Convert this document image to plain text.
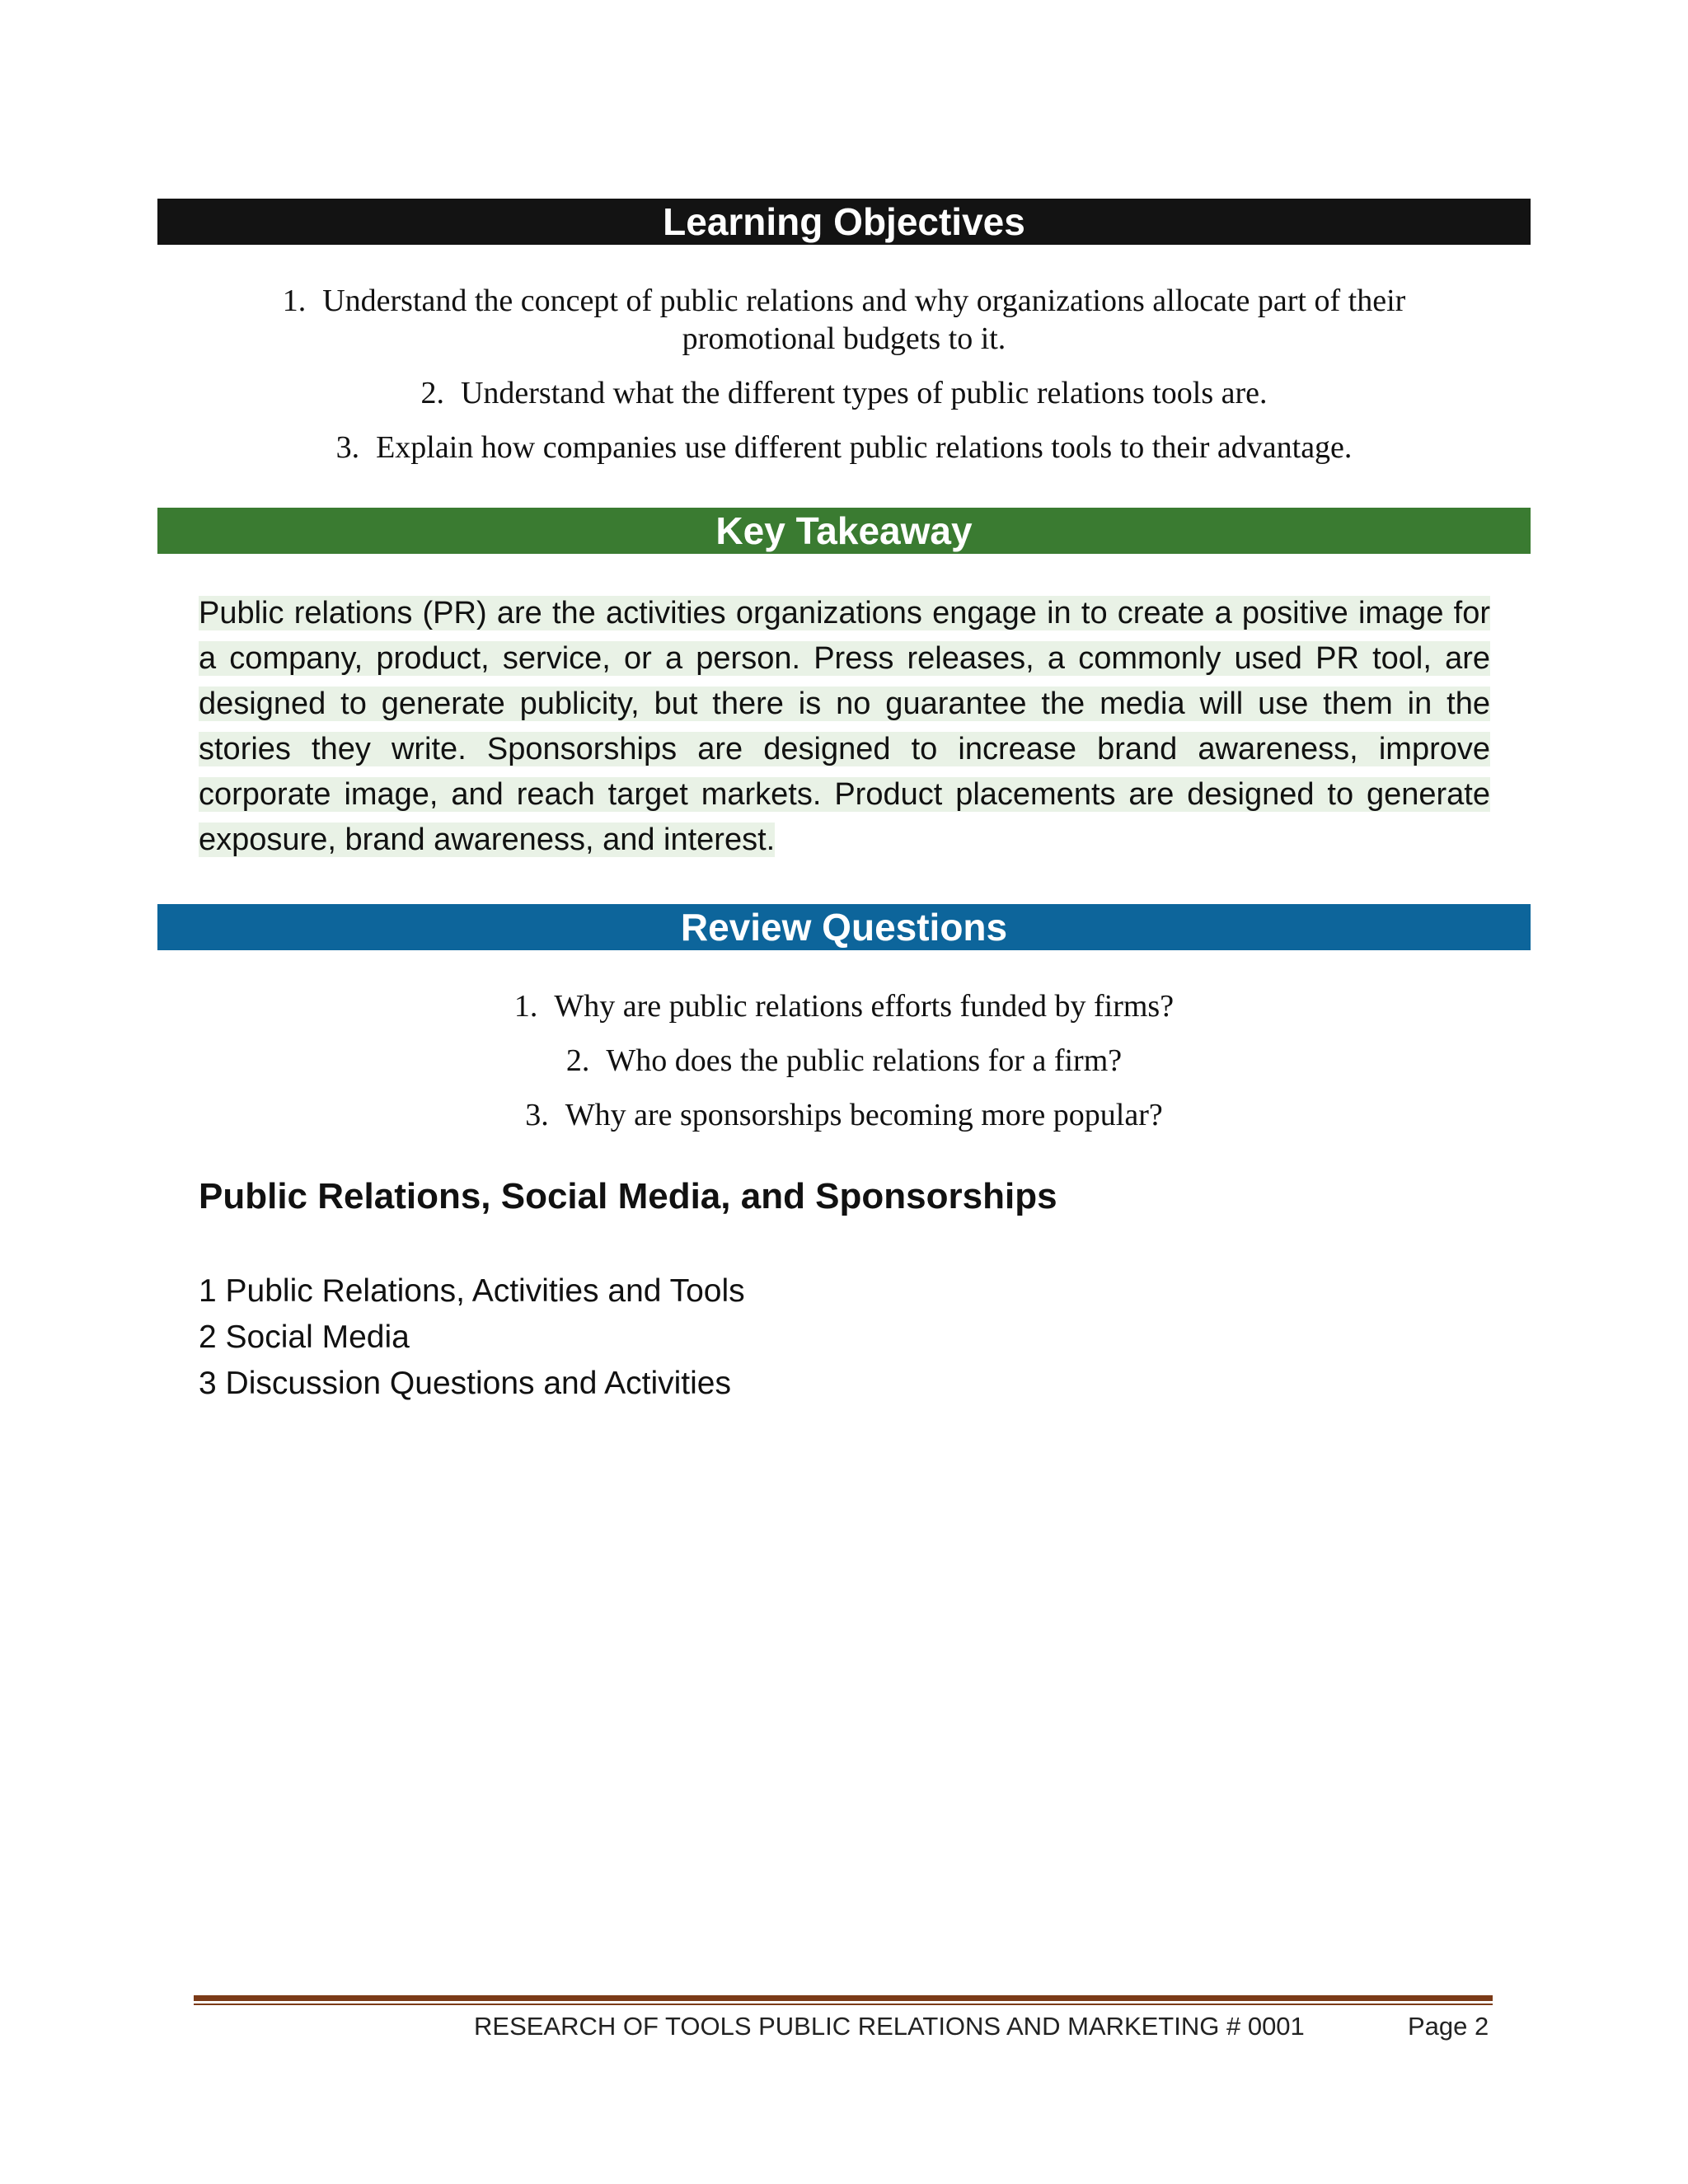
Learning Objectives
1. Understand the concept of public relations and why organizations allocate part of their
promotional budgets to it.
2. Understand what the different types of public relations tools are.
3. Explain how companies use different public relations tools to their advantage.
Key Takeaway
Public relations (PR) are the activities organizations engage in to create a positive image for a company, product, service, or a person. Press releases, a commonly used PR tool, are designed to generate publicity, but there is no guarantee the media will use them in the stories they write. Sponsorships are designed to increase brand awareness, improve corporate image, and reach target markets. Product placements are designed to generate exposure, brand awareness, and interest.
Review Questions
1. Why are public relations efforts funded by firms?
2. Who does the public relations for a firm?
3. Why are sponsorships becoming more popular?
Public Relations, Social Media, and Sponsorships
1 Public Relations, Activities and Tools
2 Social Media
3 Discussion Questions and Activities
RESEARCH OF TOOLS PUBLIC RELATIONS AND MARKETING # 0001	Page 2
